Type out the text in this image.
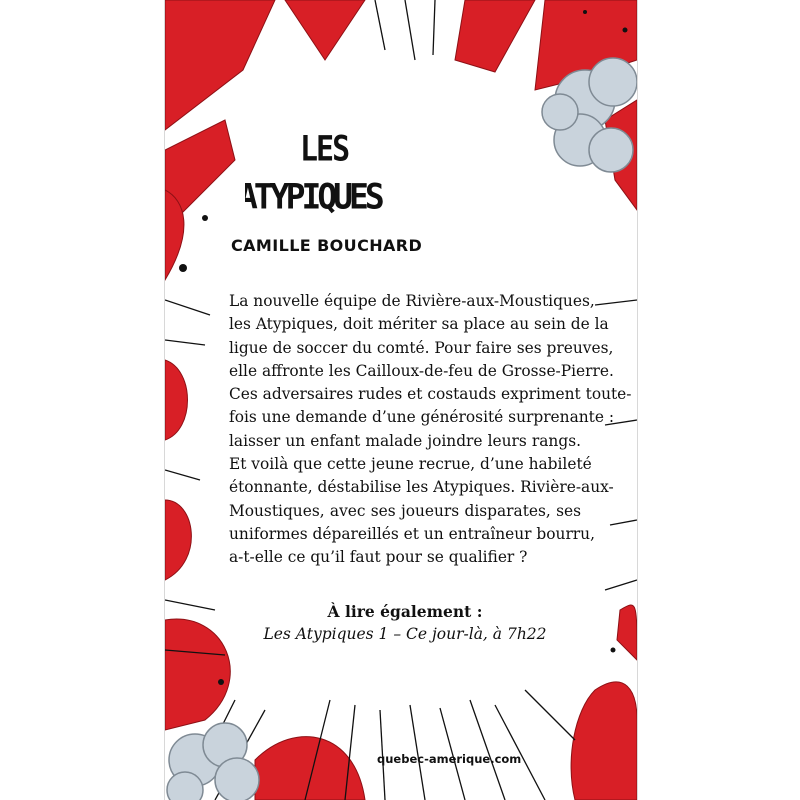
LES
ATYPIQUES
CAMILLE BOUCHARD
La nouvelle équipe de Rivière-aux-Moustiques,
les Atypiques, doit mériter sa place au sein de la
ligue de soccer du comté. Pour faire ses preuves,
elle affronte les Cailloux-de-feu de Grosse-Pierre.
Ces adversaires rudes et costauds expriment toute-
fois une demande d’une générosité surprenante :
laisser un enfant malade joindre leurs rangs.
Et voilà que cette jeune recrue, d’une habileté
étonnante, déstabilise les Atypiques. Rivière-aux-
Moustiques, avec ses joueurs disparates, ses
uniformes dépareillés et un entraîneur bourru,
a-t-elle ce qu’il faut pour se qualifier ?
À lire également :
Les Atypiques 1 – Ce jour-là, à 7h22
quebec-amerique.com
